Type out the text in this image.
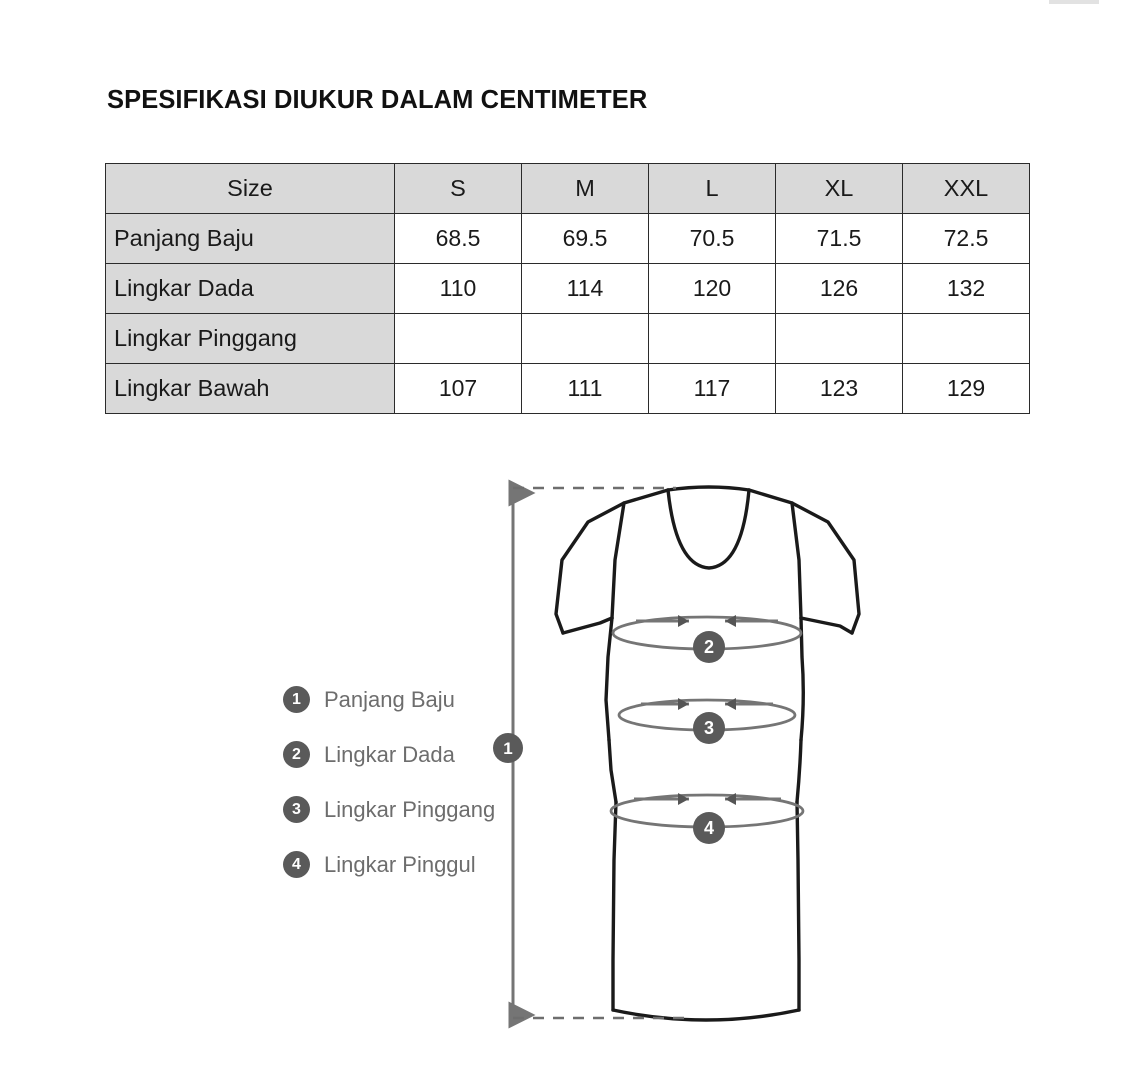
SPESIFIKASI DIUKUR DALAM CENTIMETER
Size	S	M	L	XL	XXL
Panjang Baju	68.5	69.5	70.5	71.5	72.5
Lingkar Dada	110	114	120	126	132
Lingkar Pinggang					
Lingkar Bawah	107	111	117	123	129
1	Panjang Baju
2	Lingkar Dada
3	Lingkar Pinggang
4	Lingkar Pinggul
1
2
3
4
